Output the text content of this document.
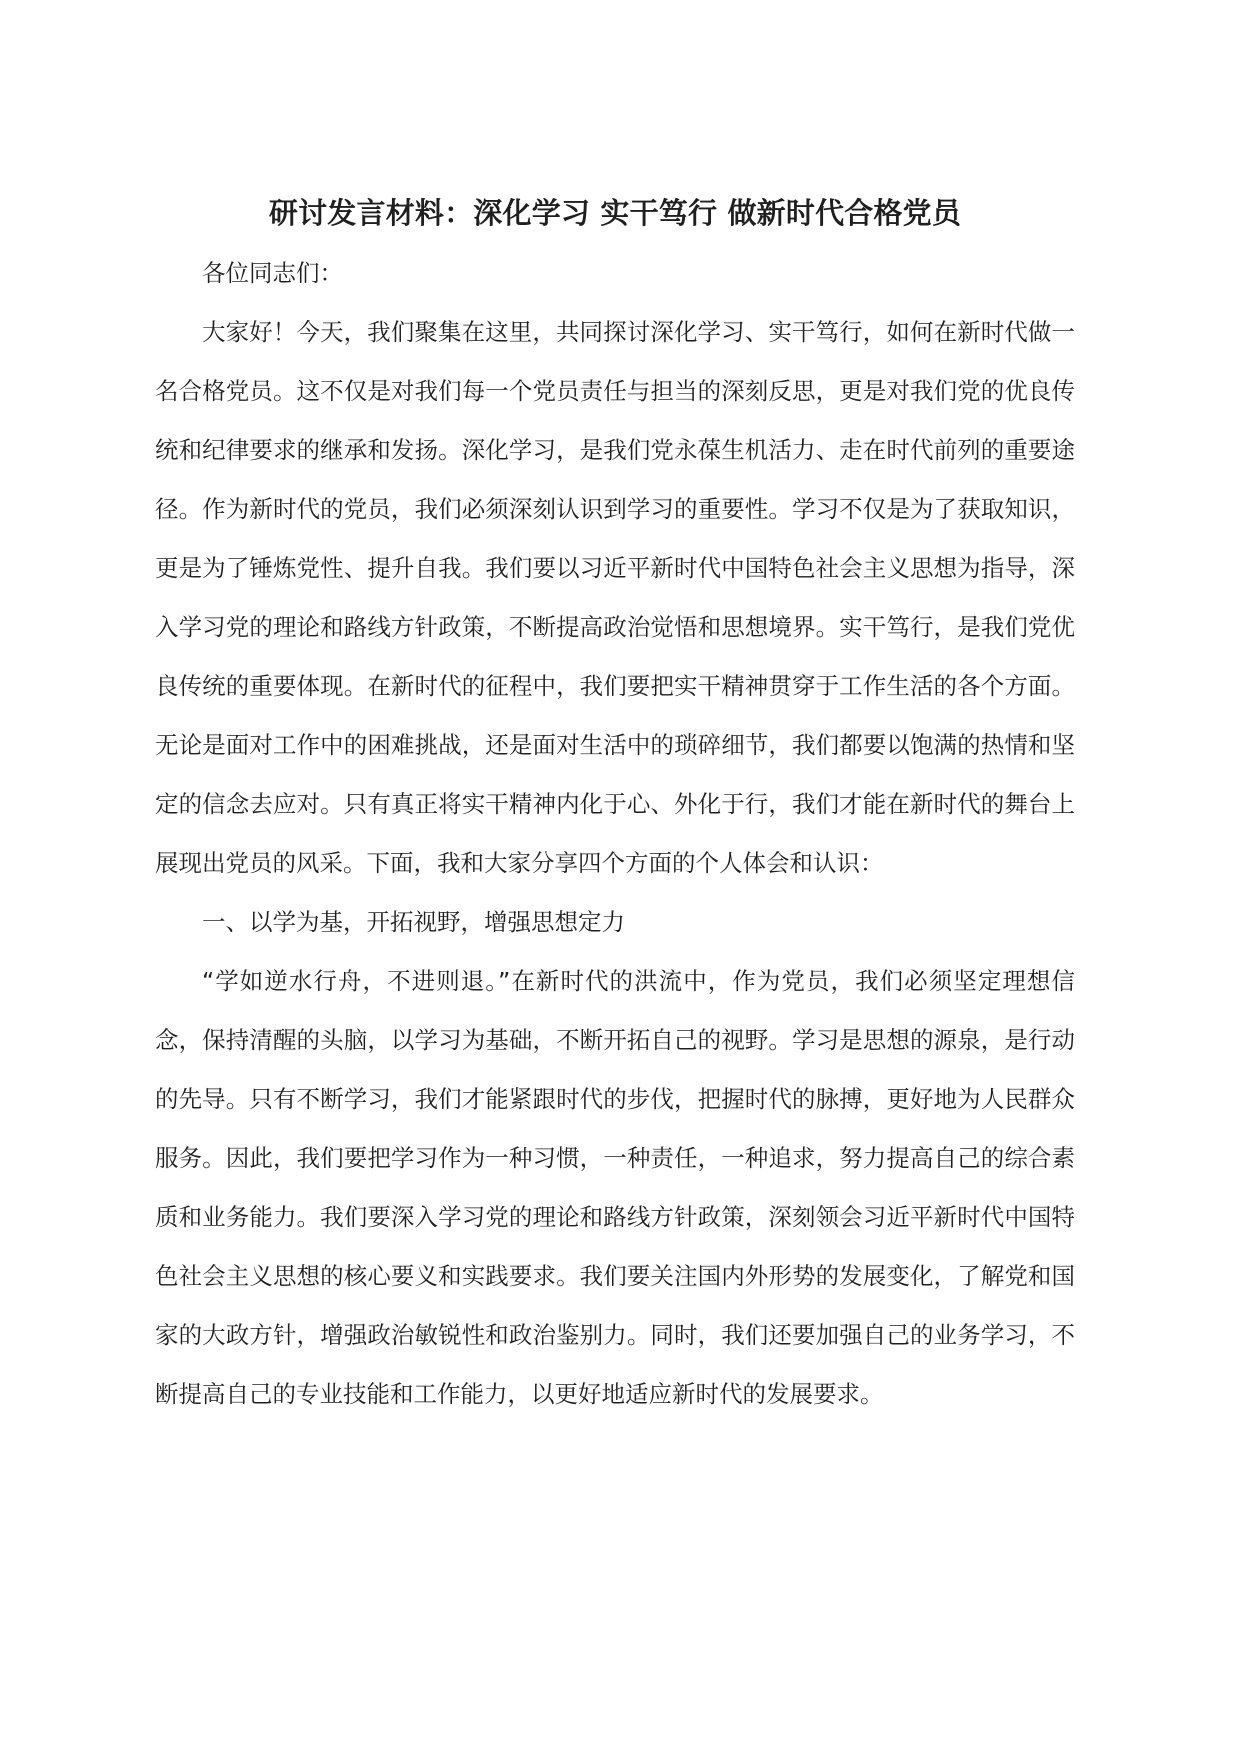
研讨发言材料：深化学习 实干笃行 做新时代合格党员

各位同志们：

大家好！今天，我们聚集在这里，共同探讨深化学习、实干笃行，如何在新时代做一名合格党员。这不仅是对我们每一个党员责任与担当的深刻反思，更是对我们党的优良传统和纪律要求的继承和发扬。深化学习，是我们党永葆生机活力、走在时代前列的重要途径。作为新时代的党员，我们必须深刻认识到学习的重要性。学习不仅是为了获取知识，更是为了锤炼党性、提升自我。我们要以习近平新时代中国特色社会主义思想为指导，深入学习党的理论和路线方针政策，不断提高政治觉悟和思想境界。实干笃行，是我们党优良传统的重要体现。在新时代的征程中，我们要把实干精神贯穿于工作生活的各个方面。无论是面对工作中的困难挑战，还是面对生活中的琐碎细节，我们都要以饱满的热情和坚定的信念去应对。只有真正将实干精神内化于心、外化于行，我们才能在新时代的舞台上展现出党员的风采。下面，我和大家分享四个方面的个人体会和认识：

一、以学为基，开拓视野，增强思想定力

“学如逆水行舟，不进则退。”在新时代的洪流中，作为党员，我们必须坚定理想信念，保持清醒的头脑，以学习为基础，不断开拓自己的视野。学习是思想的源泉，是行动的先导。只有不断学习，我们才能紧跟时代的步伐，把握时代的脉搏，更好地为人民群众服务。因此，我们要把学习作为一种习惯，一种责任，一种追求，努力提高自己的综合素质和业务能力。我们要深入学习党的理论和路线方针政策，深刻领会习近平新时代中国特色社会主义思想的核心要义和实践要求。我们要关注国内外形势的发展变化，了解党和国家的大政方针，增强政治敏锐性和政治鉴别力。同时，我们还要加强自己的业务学习，不断提高自己的专业技能和工作能力，以更好地适应新时代的发展要求。
